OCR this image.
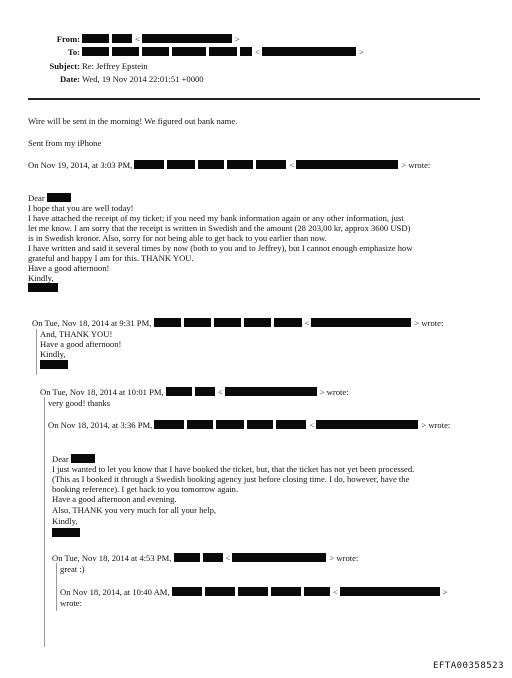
From:	<	>
To:	<	>
Subject: Re: Jeffrey Epstein
Date: Wed, 19 Nov 2014 22:01:51 +0000
Wire will be sent in the morning! We figured out bank name.
Sent from my iPhone
On Nov 19, 2014, at 3:03 PM,	<	> wrote:
Dear
I hope that you are well today!
I have attached the receipt of my ticket; if you need my bank information again or any other information, just
let me know. I am sorry that the receipt is written in Swedish and the amount (28 203,00 kr, approx 3600 USD)
is in Swedish kronor. Also, sorry for not being able to get back to you earlier than now.
I have written and said it several times by now (both to you and to Jeffrey), but I cannot enough emphasize how
grateful and happy I am for this. THANK YOU.
Have a good afternoon!
Kindly,
On Tue, Nov 18, 2014 at 9:31 PM,	<	> wrote:
And, THANK YOU!
Have a good afternoon!
Kindly,
On Tue, Nov 18, 2014 at 10:01 PM,	<	> wrote:
very good! thanks
On Nov 18, 2014, at 3:36 PM,	<	> wrote:
Dear
I just wanted to let you know that I have booked the ticket, but, that the ticket has not yet been processed.
(This as I booked it through a Swedish booking agency just before closing time. I do, however, have the
booking reference). I get back to you tomorrow again.
Have a good afternoon and evening.
Also, THANK you very much for all your help,
Kindly,
On Tue, Nov 18, 2014 at 4:53 PM,	<	> wrote:
great :)
On Nov 18, 2014, at 10:40 AM,	<	>
wrote:
EFTA00358523
